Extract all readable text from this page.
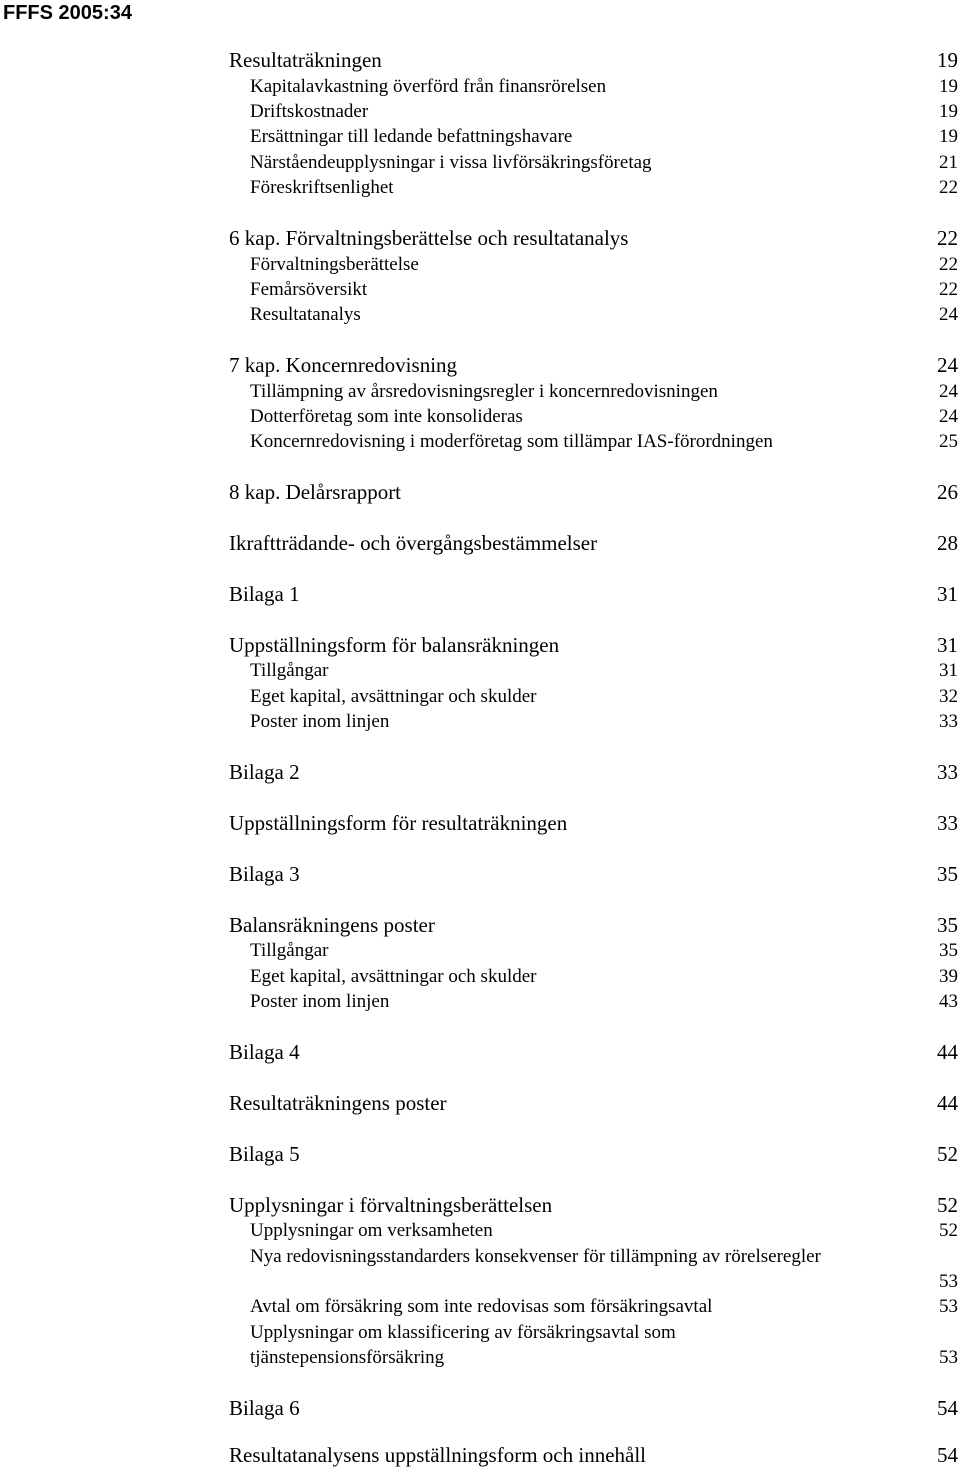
FFFS 2005:34
Resultaträkningen	19
Kapitalavkastning överförd från finansrörelsen	19
Driftskostnader	19
Ersättningar till ledande befattningshavare	19
Närståendeupplysningar i vissa livförsäkringsföretag	21
Föreskriftsenlighet	22
6 kap. Förvaltningsberättelse och resultatanalys	22
Förvaltningsberättelse	22
Femårsöversikt	22
Resultatanalys	24
7 kap. Koncernredovisning	24
Tillämpning av årsredovisningsregler i koncernredovisningen	24
Dotterföretag som inte konsolideras	24
Koncernredovisning i moderföretag som tillämpar IAS-förordningen	25
8 kap. Delårsrapport	26
Ikraftträdande- och övergångsbestämmelser	28
Bilaga 1	31
Uppställningsform för balansräkningen	31
Tillgångar	31
Eget kapital, avsättningar och skulder	32
Poster inom linjen	33
Bilaga 2	33
Uppställningsform för resultaträkningen	33
Bilaga 3	35
Balansräkningens poster	35
Tillgångar	35
Eget kapital, avsättningar och skulder	39
Poster inom linjen	43
Bilaga 4	44
Resultaträkningens poster	44
Bilaga 5	52
Upplysningar i förvaltningsberättelsen	52
Upplysningar om verksamheten	52
Nya redovisningsstandarders konsekvenser för tillämpning av rörelseregler
53
Avtal om försäkring som inte redovisas som försäkringsavtal	53
Upplysningar om klassificering av försäkringsavtal som
tjänstepensionsförsäkring	53
Bilaga 6	54
Resultatanalysens uppställningsform och innehåll	54
